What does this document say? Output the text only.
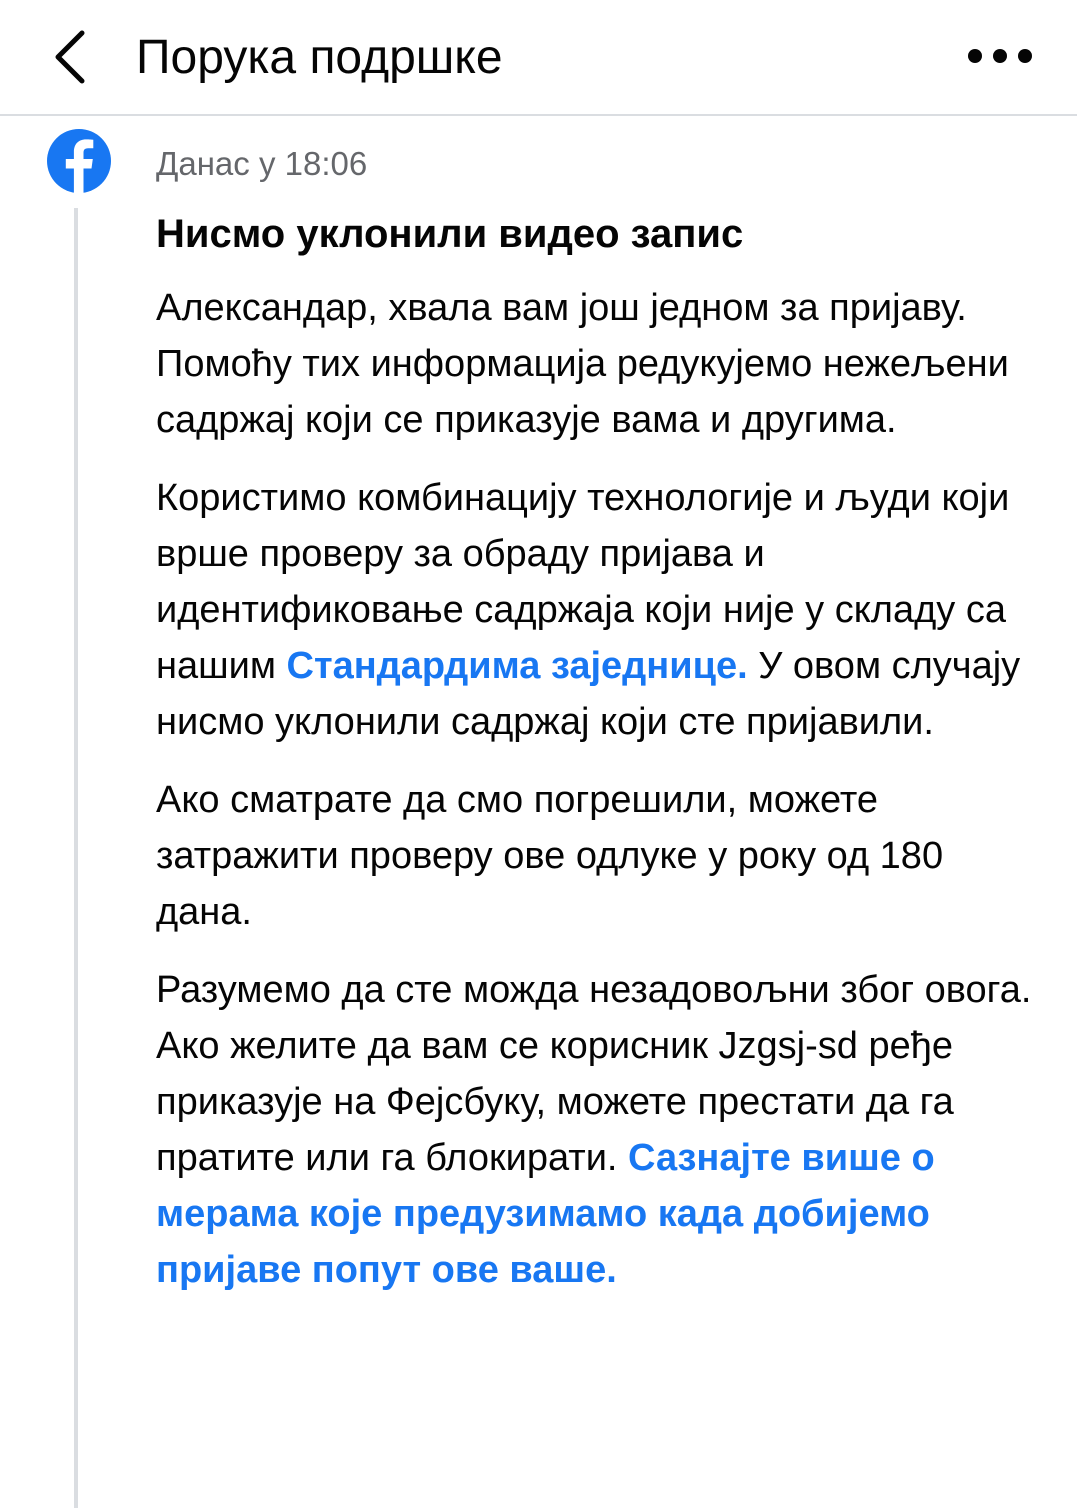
Порука подршке
Данас у 18:06
Нисмо уклонили видео запис
Александар, хвала вам још једном за пријаву. Помоћу тих информација редукујемо нежељени садржај који се приказује вама и другима.
Користимо комбинацију технологије и људи који врше проверу за обраду пријава и идентификовање садржаја који није у складу са нашим Стандардима заједнице. У овом случају нисмо уклонили садржај који сте пријавили.
Ако сматрате да смо погрешили, можете затражити проверу ове одлуке у року од 180 дана.
Разумемо да сте можда незадовољни због овога. Ако желите да вам се корисник Jzgsj-sd ређе приказује на Фејсбуку, можете престати да га пратите или га блокирати. Сазнајте више о мерама које предузимамо када добијемо пријаве попут ове ваше.
